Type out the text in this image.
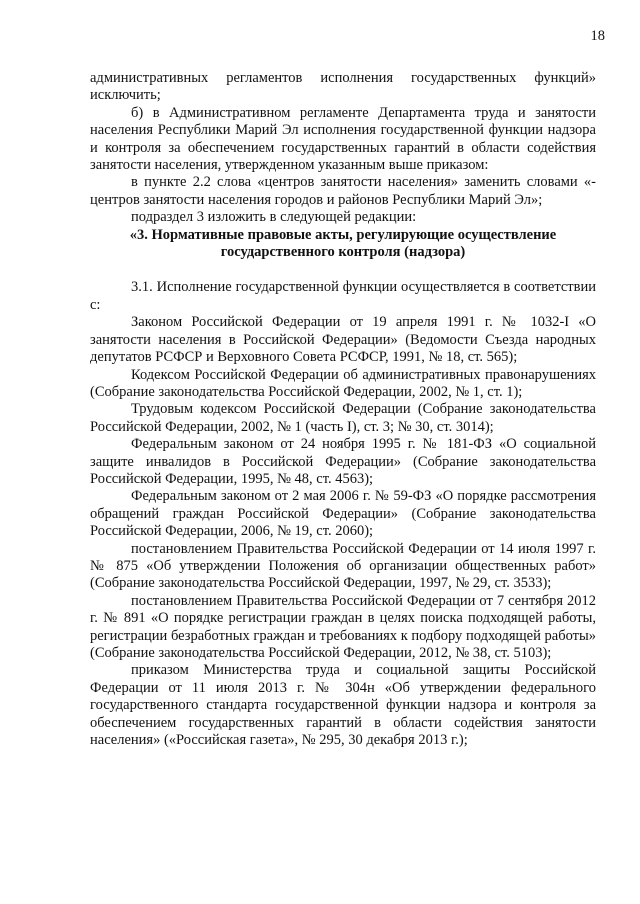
18

административных регламентов исполнения государственных функций» исключить;

б) в Административном регламенте Департамента труда и занятости населения Республики Марий Эл исполнения государственной функции надзора и контроля за обеспечением государственных гарантий в области содействия занятости населения, утвержденном указанным выше приказом:

в пункте 2.2 слова «центров занятости населения» заменить словами «- центров занятости населения городов и районов Республики Марий Эл»;

подраздел 3 изложить в следующей редакции:

«3. Нормативные правовые акты, регулирующие осуществление государственного контроля (надзора)

3.1. Исполнение государственной функции осуществляется в соответствии с:

Законом Российской Федерации от 19 апреля 1991 г. № 1032-I «О занятости населения в Российской Федерации» (Ведомости Съезда народных депутатов РСФСР и Верховного Совета РСФСР, 1991, № 18, ст. 565);

Кодексом Российской Федерации об административных правонарушениях (Собрание законодательства Российской Федерации, 2002, № 1, ст. 1);

Трудовым кодексом Российской Федерации (Собрание законодательства Российской Федерации, 2002, № 1 (часть I), ст. 3; № 30, ст. 3014);

Федеральным законом от 24 ноября 1995 г. № 181-ФЗ «О социальной защите инвалидов в Российской Федерации» (Собрание законодательства Российской Федерации, 1995, № 48, ст. 4563);

Федеральным законом от 2 мая 2006 г. № 59-ФЗ «О порядке рассмотрения обращений граждан Российской Федерации» (Собрание законодательства Российской Федерации, 2006, № 19, ст. 2060);

постановлением Правительства Российской Федерации от 14 июля 1997 г. № 875 «Об утверждении Положения об организации общественных работ» (Собрание законодательства Российской Федерации, 1997, № 29, ст. 3533);

постановлением Правительства Российской Федерации от 7 сентября 2012 г. № 891 «О порядке регистрации граждан в целях поиска подходящей работы, регистрации безработных граждан и требованиях к подбору подходящей работы» (Собрание законодательства Российской Федерации, 2012, № 38, ст. 5103);

приказом Министерства труда и социальной защиты Российской Федерации от 11 июля 2013 г. № 304н «Об утверждении федерального государственного стандарта государственной функции надзора и контроля за обеспечением государственных гарантий в области содействия занятости населения» («Российская газета», № 295, 30 декабря 2013 г.);
